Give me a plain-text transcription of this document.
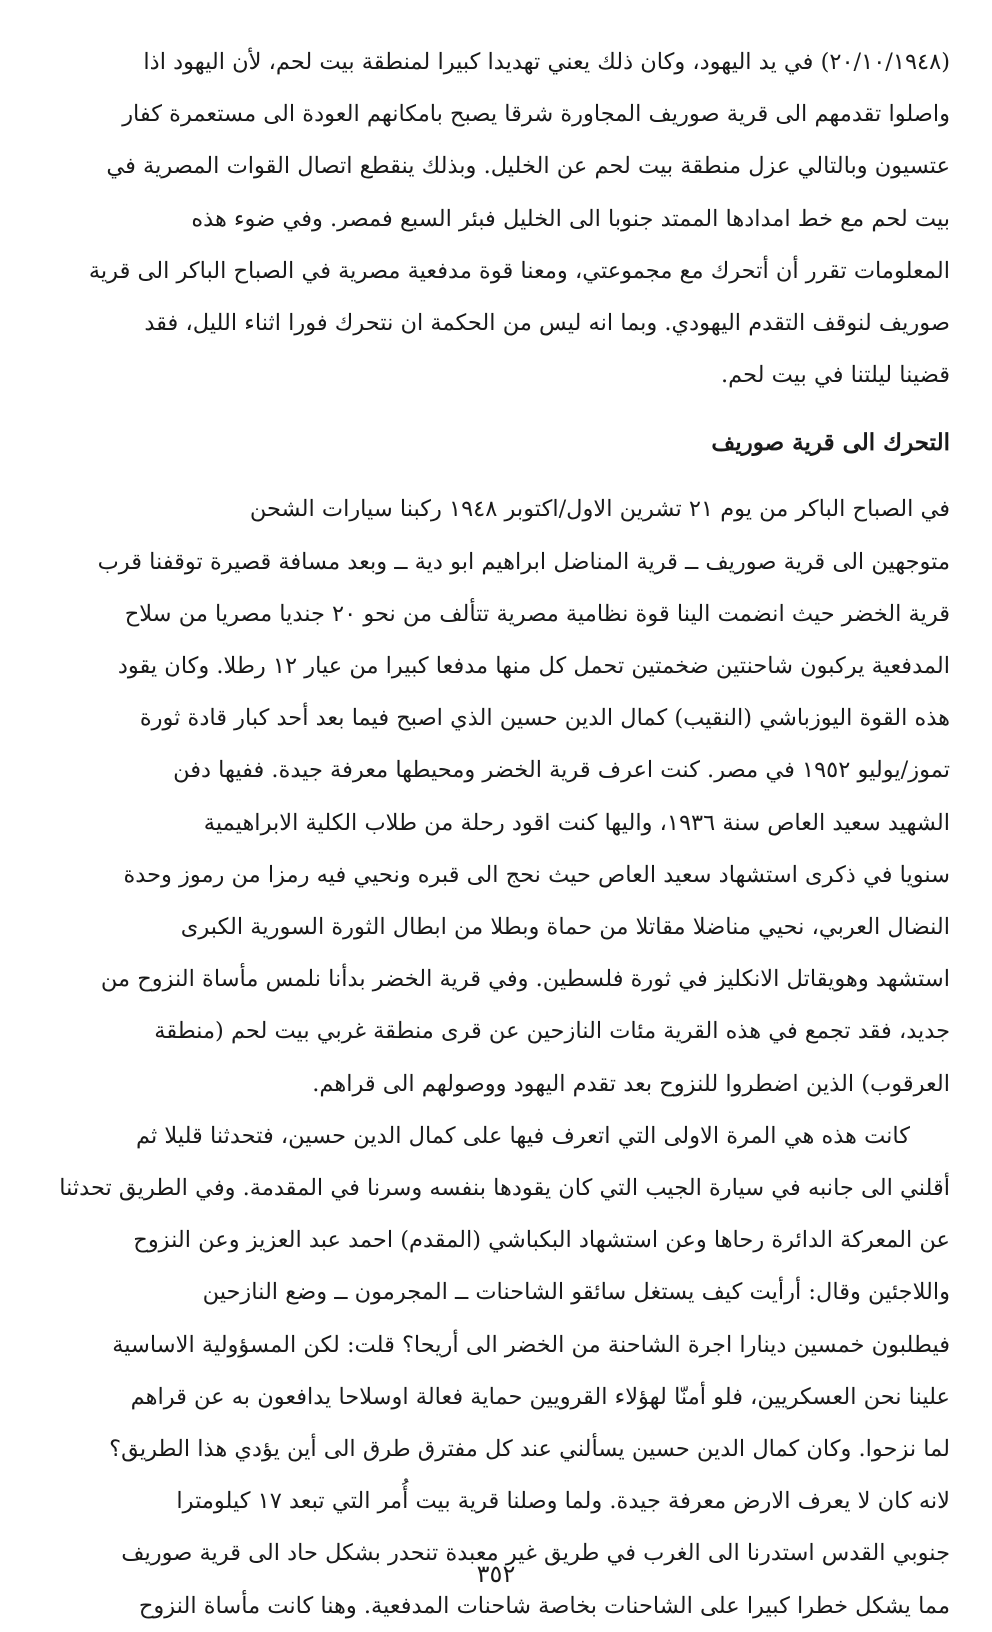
(٢٠/١٠/١٩٤٨) في يد اليهود، وكان ذلك يعني تهديدا كبيرا لمنطقة بيت لحم، لأن اليهود اذا

واصلوا تقدمهم الى قرية صوريف المجاورة شرقا يصبح بامكانهم العودة الى مستعمرة كفار

عتسيون وبالتالي عزل منطقة بيت لحم عن الخليل. وبذلك ينقطع اتصال القوات المصرية في

بيت لحم مع خط امدادها الممتد جنوبا الى الخليل فبئر السبع فمصر. وفي ضوء هذه

المعلومات تقرر أن أتحرك مع مجموعتي، ومعنا قوة مدفعية مصرية في الصباح الباكر الى قرية

صوريف لنوقف التقدم اليهودي. وبما انه ليس من الحكمة ان نتحرك فورا اثناء الليل، فقد

قضينا ليلتنا في بيت لحم.

التحرك الى قرية صوريف

في الصباح الباكر من يوم ٢١ تشرين الاول/اكتوبر ١٩٤٨ ركبنا سيارات الشحن

متوجهين الى قرية صوريف ــ قرية المناضل ابراهيم ابو دية ــ وبعد مسافة قصيرة توقفنا قرب

قرية الخضر حيث انضمت الينا قوة نظامية مصرية تتألف من نحو ٢٠ جنديا مصريا من سلاح

المدفعية يركبون شاحنتين ضخمتين تحمل كل منها مدفعا كبيرا من عيار ١٢ رطلا. وكان يقود

هذه القوة اليوزباشي (النقيب) كمال الدين حسين الذي اصبح فيما بعد أحد كبار قادة ثورة

تموز/يوليو ١٩٥٢ في مصر. كنت اعرف قرية الخضر ومحيطها معرفة جيدة. ففيها دفن

الشهيد سعيد العاص سنة ١٩٣٦، واليها كنت اقود رحلة من طلاب الكلية الابراهيمية

سنويا في ذكرى استشهاد سعيد العاص حيث نحج الى قبره ونحيي فيه رمزا من رموز وحدة

النضال العربي، نحيي مناضلا مقاتلا من حماة وبطلا من ابطال الثورة السورية الكبرى

استشهد وهويقاتل الانكليز في ثورة فلسطين. وفي قرية الخضر بدأنا نلمس مأساة النزوح من

جديد، فقد تجمع في هذه القرية مئات النازحين عن قرى منطقة غربي بيت لحم (منطقة

العرقوب) الذين اضطروا للنزوح بعد تقدم اليهود ووصولهم الى قراهم.

كانت هذه هي المرة الاولى التي اتعرف فيها على كمال الدين حسين، فتحدثنا قليلا ثم

أقلني الى جانبه في سيارة الجيب التي كان يقودها بنفسه وسرنا في المقدمة. وفي الطريق تحدثنا

عن المعركة الدائرة رحاها وعن استشهاد البكباشي (المقدم) احمد عبد العزيز وعن النزوح

واللاجئين وقال: أرأيت كيف يستغل سائقو الشاحنات ــ المجرمون ــ وضع النازحين

فيطلبون خمسين دينارا اجرة الشاحنة من الخضر الى أريحا؟ قلت: لكن المسؤولية الاساسية

علينا نحن العسكريين، فلو أمنّا لهؤلاء القرويين حماية فعالة اوسلاحا يدافعون به عن قراهم

لما نزحوا. وكان كمال الدين حسين يسألني عند كل مفترق طرق الى أين يؤدي هذا الطريق؟

لانه كان لا يعرف الارض معرفة جيدة. ولما وصلنا قرية بيت أُمر التي تبعد ١٧ كيلومترا

جنوبي القدس استدرنا الى الغرب في طريق غير معبدة تنحدر بشكل حاد الى قرية صوريف

مما يشكل خطرا كبيرا على الشاحنات بخاصة شاحنات المدفعية. وهنا كانت مأساة النزوح

٣٥٢
